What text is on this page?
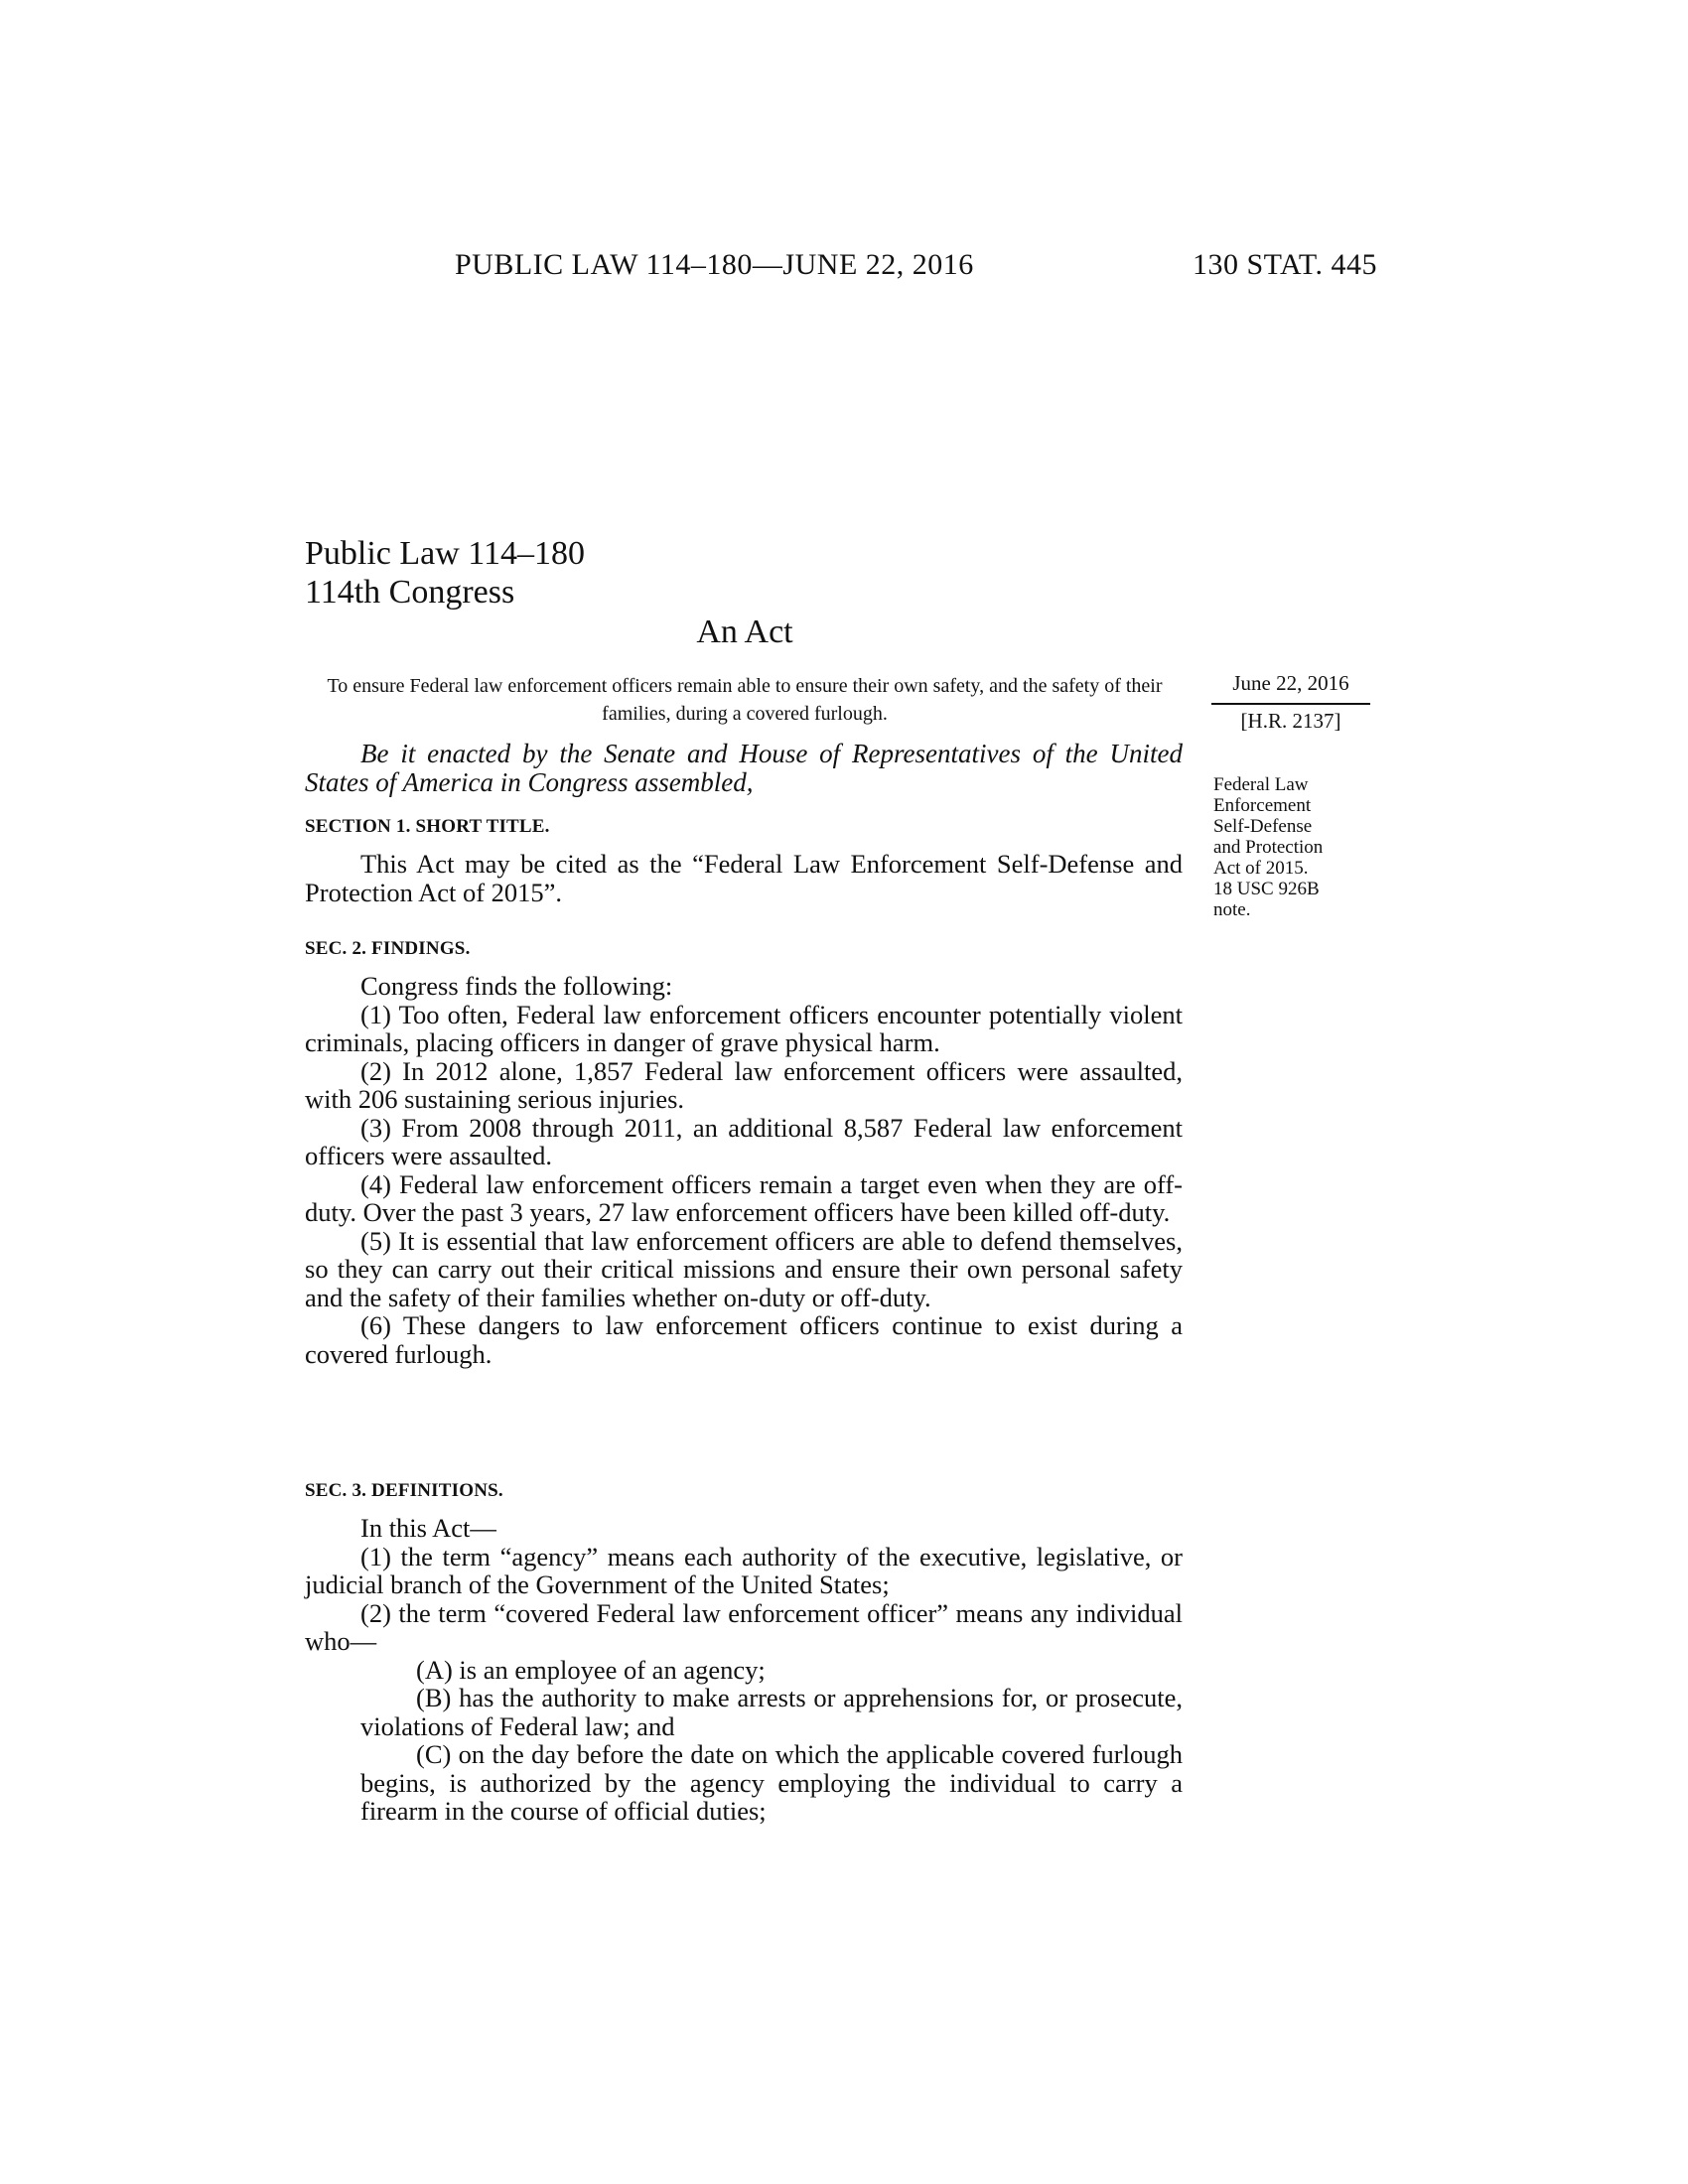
PUBLIC LAW 114–180—JUNE 22, 2016	130 STAT. 445
Public Law 114–180
114th Congress
An Act
To ensure Federal law enforcement officers remain able to ensure their own safety, and the safety of their families, during a covered furlough.
June 22, 2016
[H.R. 2137]
Federal Law
Enforcement
Self-Defense
and Protection
Act of 2015.
18 USC 926B
note.

Be it enacted by the Senate and House of Representatives of the United States of America in Congress assembled,

SECTION 1. SHORT TITLE.

This Act may be cited as the “Federal Law Enforcement Self-Defense and Protection Act of 2015”.

SEC. 2. FINDINGS.

Congress finds the following:

(1) Too often, Federal law enforcement officers encounter potentially violent criminals, placing officers in danger of grave physical harm.

(2) In 2012 alone, 1,857 Federal law enforcement officers were assaulted, with 206 sustaining serious injuries.

(3) From 2008 through 2011, an additional 8,587 Federal law enforcement officers were assaulted.

(4) Federal law enforcement officers remain a target even when they are off-duty. Over the past 3 years, 27 law enforcement officers have been killed off-duty.

(5) It is essential that law enforcement officers are able to defend themselves, so they can carry out their critical missions and ensure their own personal safety and the safety of their families whether on-duty or off-duty.

(6) These dangers to law enforcement officers continue to exist during a covered furlough.

SEC. 3. DEFINITIONS.

In this Act—

(1) the term “agency” means each authority of the executive, legislative, or judicial branch of the Government of the United States;

(2) the term “covered Federal law enforcement officer” means any individual who—

(A) is an employee of an agency;

(B) has the authority to make arrests or apprehensions for, or prosecute, violations of Federal law; and

(C) on the day before the date on which the applicable covered furlough begins, is authorized by the agency employing the individual to carry a firearm in the course of official duties;
